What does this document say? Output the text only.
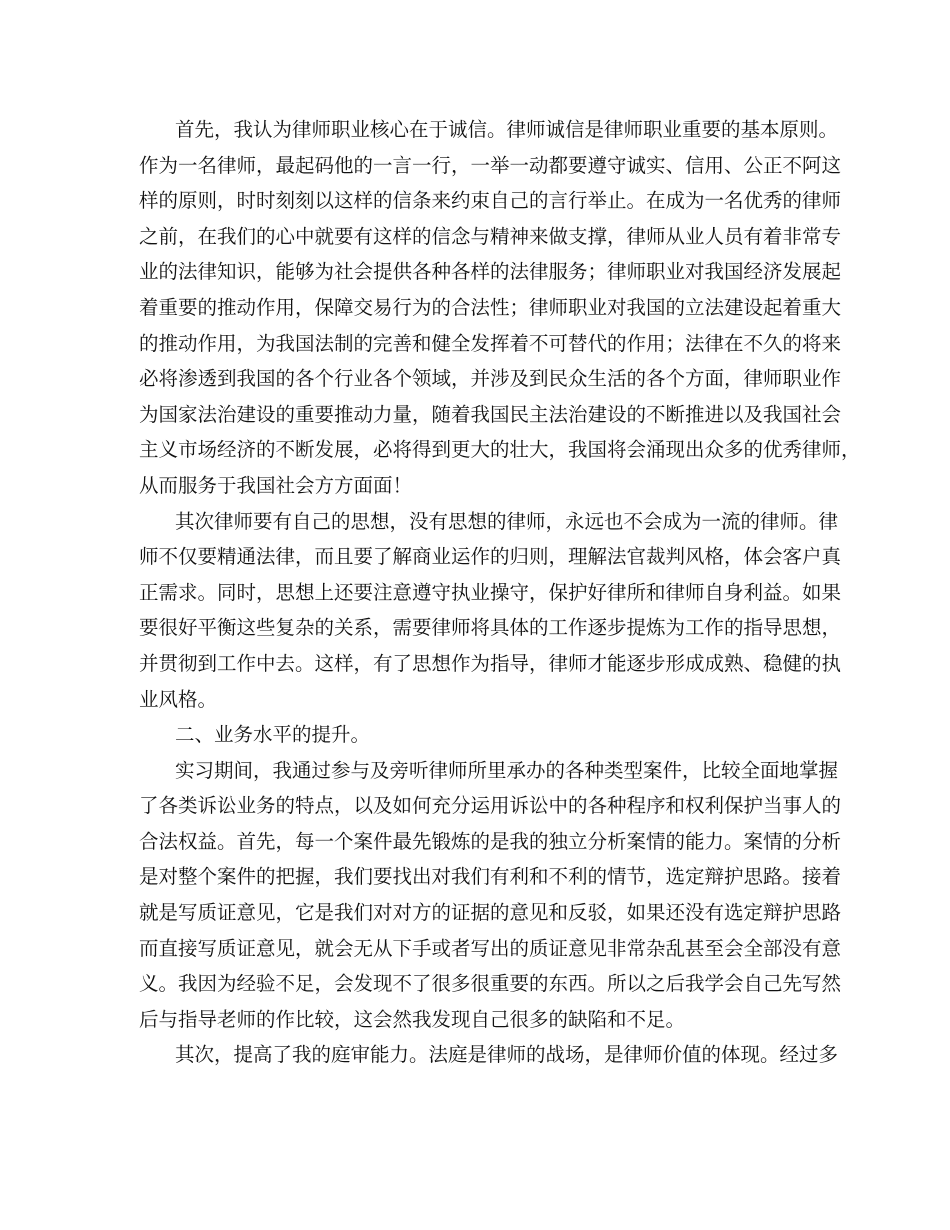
首先，我认为律师职业核心在于诚信。律师诚信是律师职业重要的基本原则。
作为一名律师，最起码他的一言一行，一举一动都要遵守诚实、信用、公正不阿这
样的原则，时时刻刻以这样的信条来约束自己的言行举止。在成为一名优秀的律师
之前，在我们的心中就要有这样的信念与精神来做支撑，律师从业人员有着非常专
业的法律知识，能够为社会提供各种各样的法律服务；律师职业对我国经济发展起
着重要的推动作用，保障交易行为的合法性；律师职业对我国的立法建设起着重大
的推动作用，为我国法制的完善和健全发挥着不可替代的作用；法律在不久的将来
必将渗透到我国的各个行业各个领域，并涉及到民众生活的各个方面，律师职业作
为国家法治建设的重要推动力量，随着我国民主法治建设的不断推进以及我国社会
主义市场经济的不断发展，必将得到更大的壮大，我国将会涌现出众多的优秀律师，
从而服务于我国社会方方面面！
其次律师要有自己的思想，没有思想的律师，永远也不会成为一流的律师。律
师不仅要精通法律，而且要了解商业运作的归则，理解法官裁判风格，体会客户真
正需求。同时，思想上还要注意遵守执业操守，保护好律所和律师自身利益。如果
要很好平衡这些复杂的关系，需要律师将具体的工作逐步提炼为工作的指导思想，
并贯彻到工作中去。这样，有了思想作为指导，律师才能逐步形成成熟、稳健的执
业风格。
二、业务水平的提升。
实习期间，我通过参与及旁听律师所里承办的各种类型案件，比较全面地掌握
了各类诉讼业务的特点，以及如何充分运用诉讼中的各种程序和权利保护当事人的
合法权益。首先，每一个案件最先锻炼的是我的独立分析案情的能力。案情的分析
是对整个案件的把握，我们要找出对我们有利和不利的情节，选定辩护思路。接着
就是写质证意见，它是我们对对方的证据的意见和反驳，如果还没有选定辩护思路
而直接写质证意见，就会无从下手或者写出的质证意见非常杂乱甚至会全部没有意
义。我因为经验不足，会发现不了很多很重要的东西。所以之后我学会自己先写然
后与指导老师的作比较，这会然我发现自己很多的缺陷和不足。
其次，提高了我的庭审能力。法庭是律师的战场，是律师价值的体现。经过多
